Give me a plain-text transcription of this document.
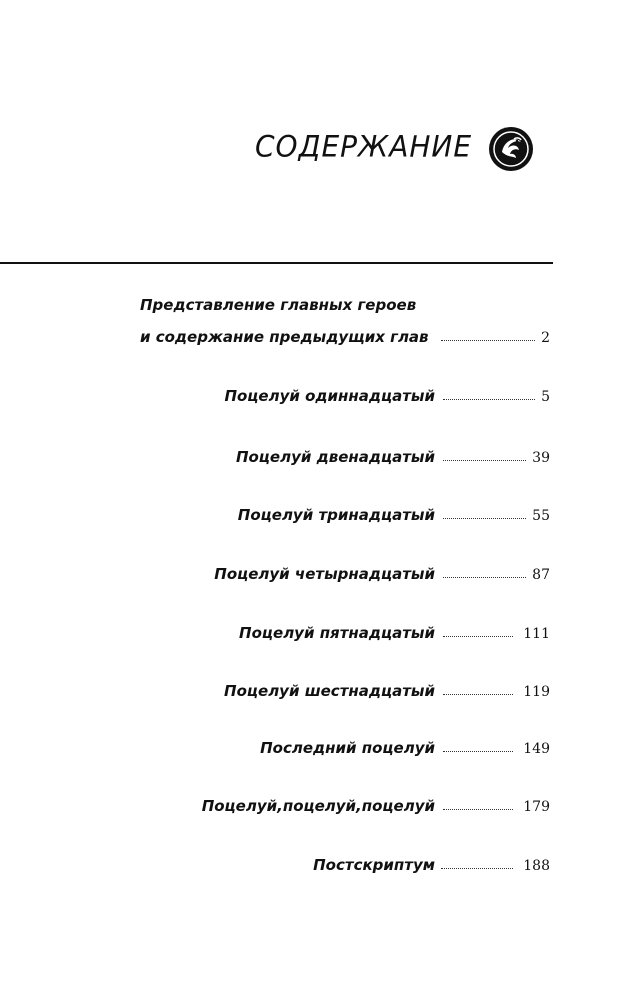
СОДЕРЖАНИЕ
Представление главных героев
и содержание предыдущих глав	2
Поцелуй одиннадцатый	5
Поцелуй двенадцатый	39
Поцелуй тринадцатый	55
Поцелуй четырнадцатый	87
Поцелуй пятнадцатый	111
Поцелуй шестнадцатый	119
Последний поцелуй	149
Поцелуй,поцелуй,поцелуй	179
Постскриптум	188
